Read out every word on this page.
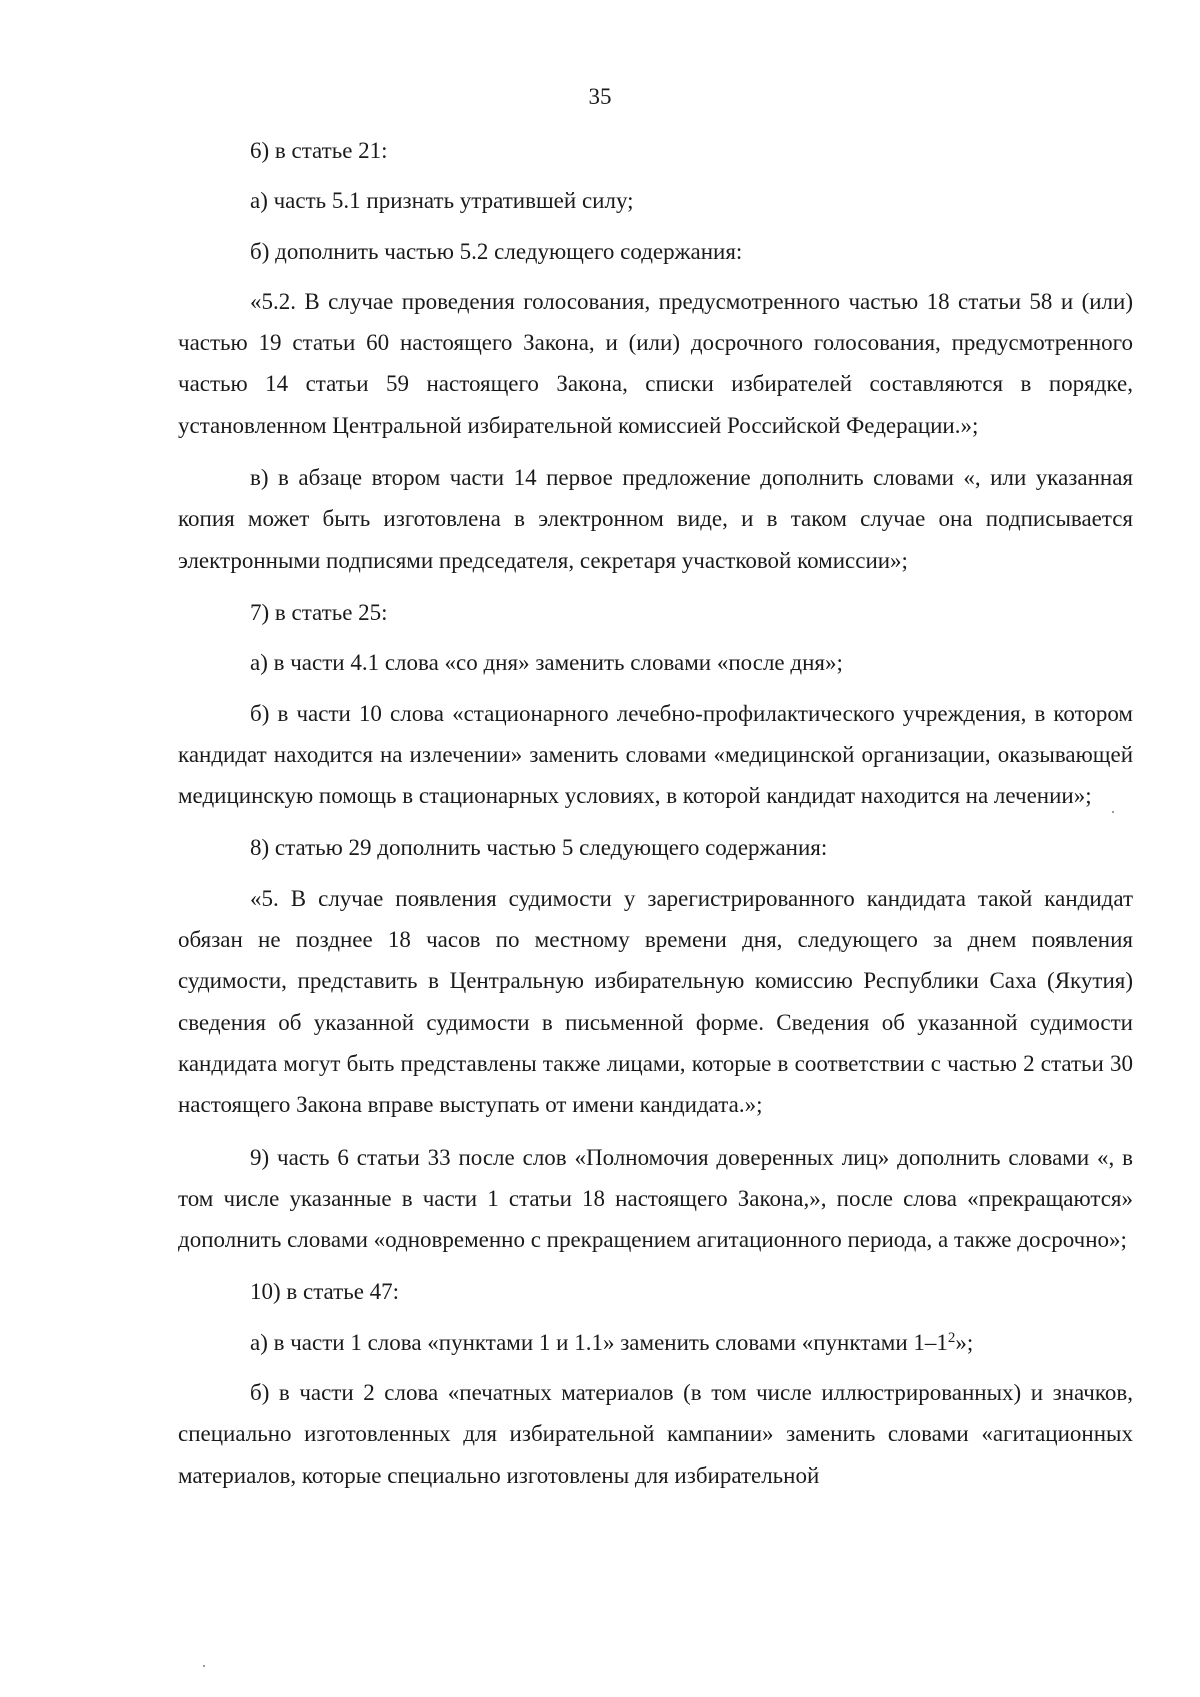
35

6) в статье 21:

а) часть 5.1 признать утратившей силу;

б) дополнить частью 5.2 следующего содержания:

«5.2. В случае проведения голосования, предусмотренного частью 18 статьи 58 и (или) частью 19 статьи 60 настоящего Закона, и (или) досрочного голосования, предусмотренного частью 14 статьи 59 настоящего Закона, списки избирателей составляются в порядке, установленном Центральной избирательной комиссией Российской Федерации.»;

в) в абзаце втором части 14 первое предложение дополнить словами «, или указанная копия может быть изготовлена в электронном виде, и в таком случае она подписывается электронными подписями председателя, секретаря участковой комиссии»;

7) в статье 25:

а) в части 4.1 слова «со дня» заменить словами «после дня»;

б) в части 10 слова «стационарного лечебно-профилактического учреждения, в котором кандидат находится на излечении» заменить словами «медицинской организации, оказывающей медицинскую помощь в стационарных условиях, в которой кандидат находится на лечении»;

8) статью 29 дополнить частью 5 следующего содержания:

«5. В случае появления судимости у зарегистрированного кандидата такой кандидат обязан не позднее 18 часов по местному времени дня, следующего за днем появления судимости, представить в Центральную избирательную комиссию Республики Саха (Якутия) сведения об указанной судимости в письменной форме. Сведения об указанной судимости кандидата могут быть представлены также лицами, которые в соответствии с частью 2 статьи 30 настоящего Закона вправе выступать от имени кандидата.»;

9) часть 6 статьи 33 после слов «Полномочия доверенных лиц» дополнить словами «, в том числе указанные в части 1 статьи 18 настоящего Закона,», после слова «прекращаются» дополнить словами «одновременно с прекращением агитационного периода, а также досрочно»;

10) в статье 47:

а) в части 1 слова «пунктами 1 и 1.1» заменить словами «пунктами $1-1^2$»;

б) в части 2 слова «печатных материалов (в том числе иллюстрированных) и значков, специально изготовленных для избирательной кампании» заменить словами «агитационных материалов, которые специально изготовлены для избирательной
